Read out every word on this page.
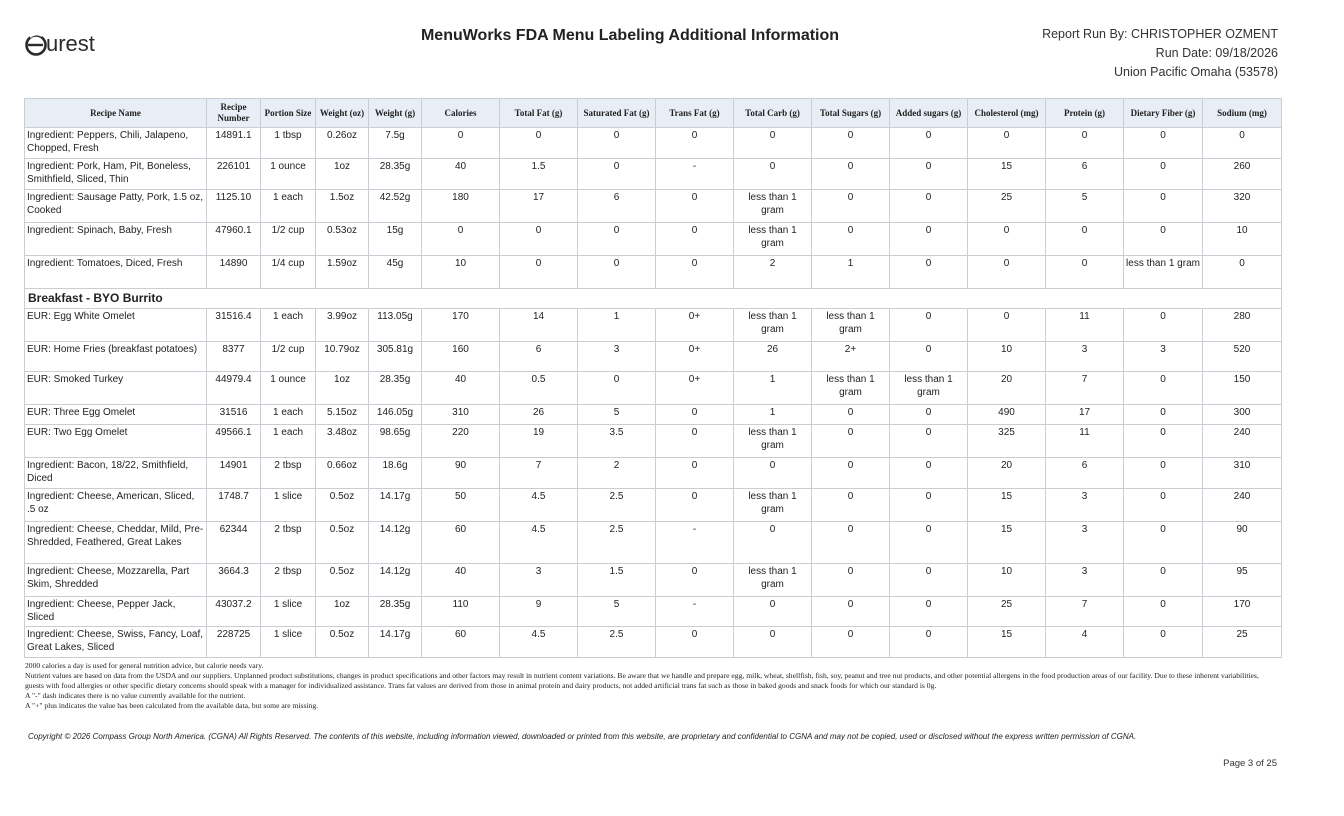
urest	MenuWorks FDA Menu Labeling Additional Information	Report Run By: CHRISTOPHER OZMENT
Run Date: 09/18/2026
Union Pacific Omaha (53578)
Recipe Name	Recipe Number	Portion Size	Weight (oz)	Weight (g)	Calories	Total Fat (g)	Saturated Fat (g)	Trans Fat (g)	Total Carb (g)	Total Sugars (g)	Added sugars (g)	Cholesterol (mg)	Protein (g)	Dietary Fiber (g)	Sodium (mg)
Ingredient: Peppers, Chili, Jalapeno, Chopped, Fresh	14891.1	1 tbsp	0.26oz	7.5g	0	0	0	0	0	0	0	0	0	0	0
Ingredient: Pork, Ham, Pit, Boneless, Smithfield, Sliced, Thin	226101	1 ounce	1oz	28.35g	40	1.5	0	-	0	0	0	15	6	0	260
Ingredient: Sausage Patty, Pork, 1.5 oz, Cooked	1125.10	1 each	1.5oz	42.52g	180	17	6	0	less than 1 gram	0	0	25	5	0	320
Ingredient: Spinach, Baby, Fresh	47960.1	1/2 cup	0.53oz	15g	0	0	0	0	less than 1 gram	0	0	0	0	0	10
Ingredient: Tomatoes, Diced, Fresh	14890	1/4 cup	1.59oz	45g	10	0	0	0	2	1	0	0	0	less than 1 gram	0
Breakfast - BYO Burrito															
EUR: Egg White Omelet	31516.4	1 each	3.99oz	113.05g	170	14	1	0+	less than 1 gram	less than 1 gram	0	0	11	0	280
EUR: Home Fries (breakfast potatoes)	8377	1/2 cup	10.79oz	305.81g	160	6	3	0+	26	2+	0	10	3	3	520
EUR: Smoked Turkey	44979.4	1 ounce	1oz	28.35g	40	0.5	0	0+	1	less than 1 gram	less than 1 gram	20	7	0	150
EUR: Three Egg Omelet	31516	1 each	5.15oz	146.05g	310	26	5	0	1	0	0	490	17	0	300
EUR: Two Egg Omelet	49566.1	1 each	3.48oz	98.65g	220	19	3.5	0	less than 1 gram	0	0	325	11	0	240
Ingredient: Bacon, 18/22, Smithfield, Diced	14901	2 tbsp	0.66oz	18.6g	90	7	2	0	0	0	0	20	6	0	310
Ingredient: Cheese, American, Sliced, .5 oz	1748.7	1 slice	0.5oz	14.17g	50	4.5	2.5	0	less than 1 gram	0	0	15	3	0	240
Ingredient: Cheese, Cheddar, Mild, Pre-Shredded, Feathered, Great Lakes	62344	2 tbsp	0.5oz	14.12g	60	4.5	2.5	-	0	0	0	15	3	0	90
Ingredient: Cheese, Mozzarella, Part Skim, Shredded	3664.3	2 tbsp	0.5oz	14.12g	40	3	1.5	0	less than 1 gram	0	0	10	3	0	95
Ingredient: Cheese, Pepper Jack, Sliced	43037.2	1 slice	1oz	28.35g	110	9	5	-	0	0	0	25	7	0	170
Ingredient: Cheese, Swiss, Fancy, Loaf, Great Lakes, Sliced	228725	1 slice	0.5oz	14.17g	60	4.5	2.5	0	0	0	0	15	4	0	25

2000 calories a day is used for general nutrition advice, but calorie needs vary.

Nutrient values are based on data from the USDA and our suppliers. Unplanned product substitutions, changes in product specifications and other factors may result in nutrient content variations. Be aware that we handle and prepare egg, milk, wheat, shellfish, fish, soy, peanut and tree nut products, and other potential allergens in the food production areas of our facility. Due to these inherent variabilities, guests with food allergies or other specific dietary concerns should speak with a manager for individualized assistance. Trans fat values are derived from those in animal protein and dairy products, not added artificial trans fat such as those in baked goods and snack foods for which our standard is 0g.

A "-" dash indicates there is no value currently available for the nutrient.

A "+" plus indicates the value has been calculated from the available data, but some are missing.

Copyright © 2026 Compass Group North America. (CGNA) All Rights Reserved. The contents of this website, including information viewed, downloaded or printed from this website, are proprietary and confidential to CGNA and may not be copied, used or disclosed without the express written permission of CGNA.
Page 3 of 25
